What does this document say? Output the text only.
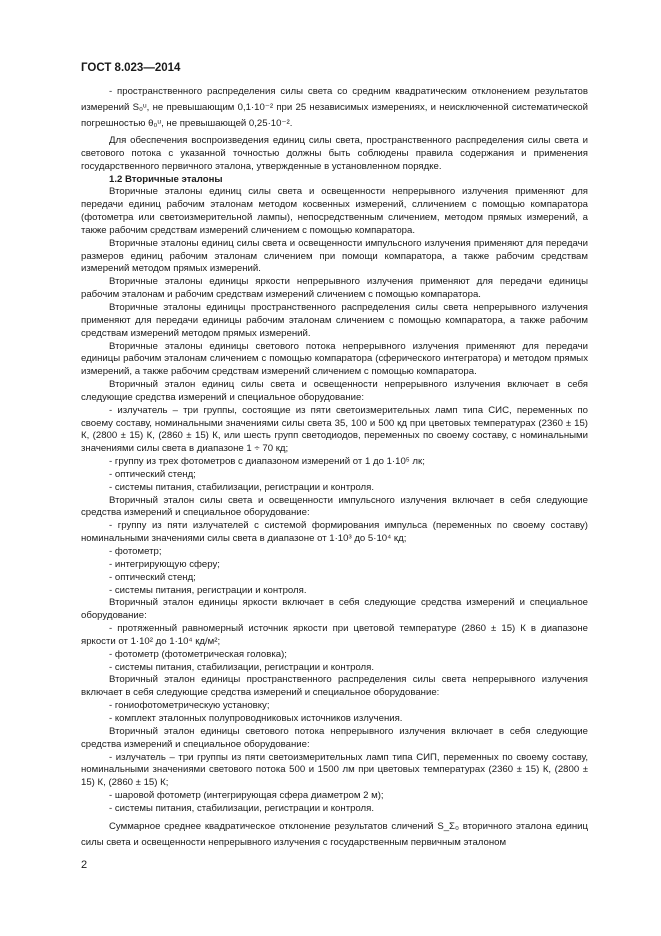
ГОСТ 8.023—2014

- пространственного распределения силы света со средним квадратическим отклонением результатов измерений S₀ᵘ, не превышающим 0,1·10⁻² при 25 независимых измерениях, и неисключенной систематической погрешностью θ₀ᵘ, не превышающей 0,25·10⁻².

Для обеспечения воспроизведения единиц силы света, пространственного распределения силы света и светового потока с указанной точностью должны быть соблюдены правила содержания и применения государственного первичного эталона, утвержденные в установленном порядке.

1.2 Вторичные эталоны

Вторичные эталоны единиц силы света и освещенности непрерывного излучения применяют для передачи единиц рабочим эталонам методом косвенных измерений, слличением с помощью компаратора (фотометра или светоизмерительной лампы), непосредственным сличением, методом прямых измерений, а также рабочим средствам измерений сличением с помощью компаратора.

Вторичные эталоны единиц силы света и освещенности импульсного излучения применяют для передачи размеров единиц рабочим эталонам сличением при помощи компаратора, а также рабочим средствам измерений методом прямых измерений.

Вторичные эталоны единицы яркости непрерывного излучения применяют для передачи единицы рабочим эталонам и рабочим средствам измерений сличением с помощью компаратора.

Вторичные эталоны единицы пространственного распределения силы света непрерывного излучения применяют для передачи единицы рабочим эталонам сличением с помощью компаратора, а также рабочим средствам измерений методом прямых измерений.

Вторичные эталоны единицы светового потока непрерывного излучения применяют для передачи единицы рабочим эталонам сличением с помощью компаратора (сферического интегратора) и методом прямых измерений, а также рабочим средствам измерений сличением с помощью компаратора.

Вторичный эталон единиц силы света и освещенности непрерывного излучения включает в себя следующие средства измерений и специальное оборудование:

- излучатель – три группы, состоящие из пяти светоизмерительных ламп типа СИС, переменных по своему составу, номинальными значениями силы света 35, 100 и 500 кд при цветовых температурах (2360 ± 15) К, (2800 ± 15) К, (2860 ± 15) К, или шесть групп светодиодов, переменных по своему составу, с номинальными значениями силы света в диапазоне 1 ÷ 70 кд;
- группу из трех фотометров с диапазоном измерений от 1 до 1·10⁵ лк;
- оптический стенд;
- системы питания, стабилизации, регистрации и контроля.

Вторичный эталон силы света и освещенности импульсного излучения включает в себя следующие средства измерений и специальное оборудование:

- группу из пяти излучателей с системой формирования импульса (переменных по своему составу) номинальными значениями силы света в диапазоне от 1·10³ до 5·10⁴ кд;
- фотометр;
- интегрирующую сферу;
- оптический стенд;
- системы питания, регистрации и контроля.

Вторичный эталон единицы яркости включает в себя следующие средства измерений и специальное оборудование:

- протяженный равномерный источник яркости при цветовой температуре (2860 ± 15) К в диапазоне яркости от 1·10² до 1·10⁴ кд/м²;
- фотометр (фотометрическая головка);
- системы питания, стабилизации, регистрации и контроля.

Вторичный эталон единицы пространственного распределения силы света непрерывного излучения включает в себя следующие средства измерений и специальное оборудование:

- гониофотометрическую установку;
- комплект эталонных полупроводниковых источников излучения.

Вторичный эталон единицы светового потока непрерывного излучения включает в себя следующие средства измерений и специальное оборудование:

- излучатель – три группы из пяти светоизмерительных ламп типа СИП, переменных по своему составу, номинальными значениями светового потока 500 и 1500 лм при цветовых температурах (2360 ± 15) К, (2800 ± 15) К, (2860 ± 15) К;
- шаровой фотометр (интегрирующая сфера диаметром 2 м);
- системы питания, стабилизации, регистрации и контроля.

Суммарное среднее квадратическое отклонение результатов сличений S_Σ₀ вторичного эталона единиц силы света и освещенности непрерывного излучения с государственным первичным эталоном

2
